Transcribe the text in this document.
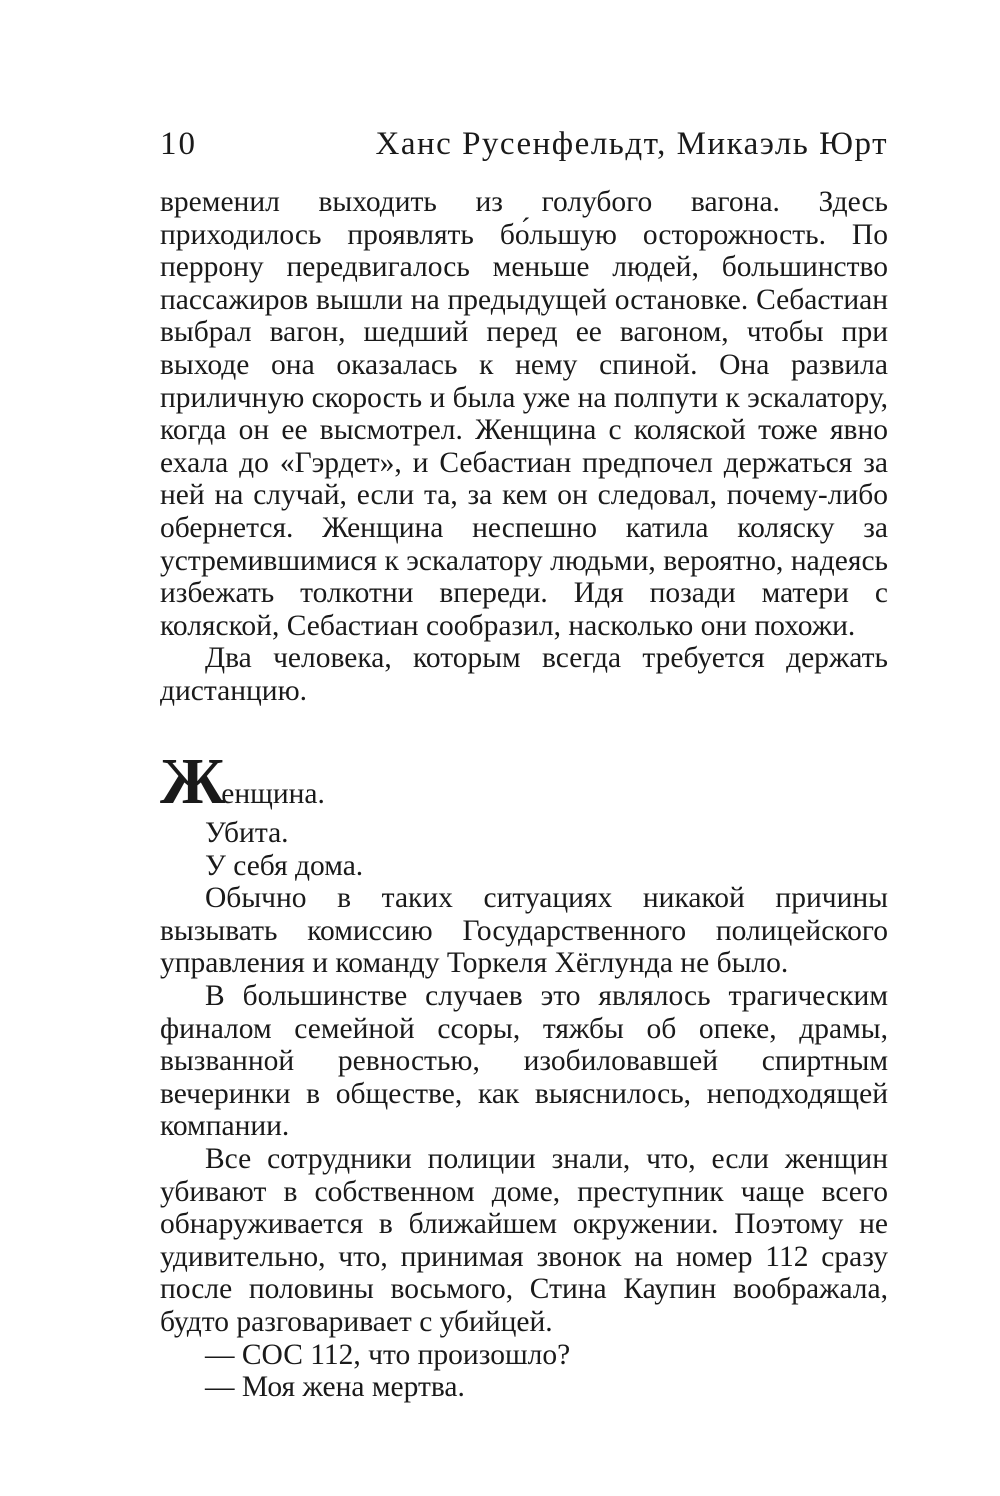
10	Ханс Русенфельдт, Микаэль Юрт

временил выходить из голубого вагона. Здесь приходилось проявлять бо́льшую осторожность. По перрону передвигалось меньше людей, большинство пассажиров вышли на предыдущей остановке. Себастиан выбрал вагон, шедший перед ее вагоном, чтобы при выходе она оказалась к нему спиной. Она развила приличную скорость и была уже на полпути к эскалатору, когда он ее высмотрел. Женщина с коляской тоже явно ехала до «Гэрдет», и Себастиан предпочел держаться за ней на случай, если та, за кем он следовал, почему-либо обернется. Женщина неспешно катила коляску за устремившимися к эскалатору людьми, вероятно, надеясь избежать толкотни впереди. Идя позади матери с коляской, Себастиан сообразил, насколько они похожи.

Два человека, которым всегда требуется держать дистанцию.

Женщина.

Убита.

У себя дома.

Обычно в таких ситуациях никакой причины вызывать комиссию Государственного полицейского управления и команду Торкеля Хёглунда не было.

В большинстве случаев это являлось трагическим финалом семейной ссоры, тяжбы об опеке, драмы, вызванной ревностью, изобиловавшей спиртным вечеринки в обществе, как выяснилось, неподходящей компании.

Все сотрудники полиции знали, что, если женщин убивают в собственном доме, преступник чаще всего обнаруживается в ближайшем окружении. Поэтому не удивительно, что, принимая звонок на номер 112 сразу после половины восьмого, Стина Каупин воображала, будто разговаривает с убийцей.

— СОС 112, что произошло?

— Моя жена мертва.
